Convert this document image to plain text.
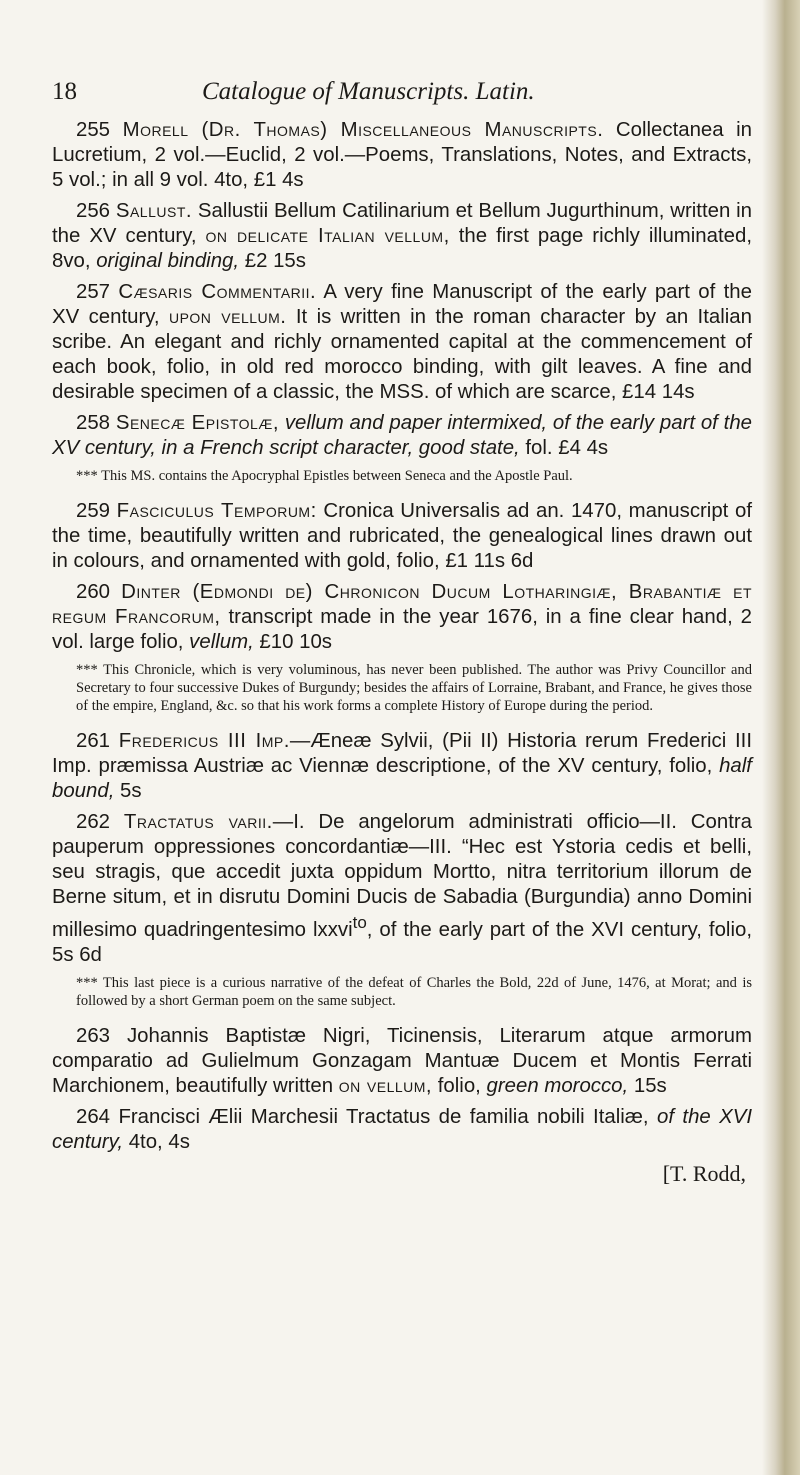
18	Catalogue of Manuscripts. Latin.

255 Morell (Dr. Thomas) Miscellaneous Manuscripts. Collectanea in Lucretium, 2 vol.—Euclid, 2 vol.—Poems, Translations, Notes, and Extracts, 5 vol.; in all 9 vol. 4to, £1 4s

256 Sallust. Sallustii Bellum Catilinarium et Bellum Jugurthinum, written in the XV century, on delicate Italian vellum, the first page richly illuminated, 8vo, original binding, £2 15s

257 Cæsaris Commentarii. A very fine Manuscript of the early part of the XV century, upon vellum. It is written in the roman character by an Italian scribe. An elegant and richly ornamented capital at the commencement of each book, folio, in old red morocco binding, with gilt leaves. A fine and desirable specimen of a classic, the MSS. of which are scarce, £14 14s

258 Senecæ Epistolæ, vellum and paper intermixed, of the early part of the XV century, in a French script character, good state, fol. £4 4s

*** This MS. contains the Apocryphal Epistles between Seneca and the Apostle Paul.

259 Fasciculus Temporum: Cronica Universalis ad an. 1470, manuscript of the time, beautifully written and rubricated, the genealogical lines drawn out in colours, and ornamented with gold, folio, £1 11s 6d

260 Dinter (Edmondi de) Chronicon Ducum Lotharingiæ, Brabantiæ et regum Francorum, transcript made in the year 1676, in a fine clear hand, 2 vol. large folio, vellum, £10 10s

*** This Chronicle, which is very voluminous, has never been published. The author was Privy Councillor and Secretary to four successive Dukes of Burgundy; besides the affairs of Lorraine, Brabant, and France, he gives those of the empire, England, &c. so that his work forms a complete History of Europe during the period.

261 Fredericus III Imp.—Æneæ Sylvii, (Pii II) Historia rerum Frederici III Imp. præmissa Austriæ ac Viennæ descriptione, of the XV century, folio, half bound, 5s

262 Tractatus varii.—I. De angelorum administrati officio—II. Contra pauperum oppressiones concordantiæ—III. “Hec est Ystoria cedis et belli, seu stragis, que accedit juxta oppidum Mortto, nitra territorium illorum de Berne situm, et in disrutu Domini Ducis de Sabadia (Burgundia) anno Domini millesimo quadringentesimo lxxvi$^{to}$, of the early part of the XVI century, folio, 5s 6d

*** This last piece is a curious narrative of the defeat of Charles the Bold, 22d of June, 1476, at Morat; and is followed by a short German poem on the same subject.

263 Johannis Baptistæ Nigri, Ticinensis, Literarum atque armorum comparatio ad Gulielmum Gonzagam Mantuæ Ducem et Montis Ferrati Marchionem, beautifully written on vellum, folio, green morocco, 15s

264 Francisci Ælii Marchesii Tractatus de familia nobili Italiæ, of the XVI century, 4to, 4s

[T. Rodd,
